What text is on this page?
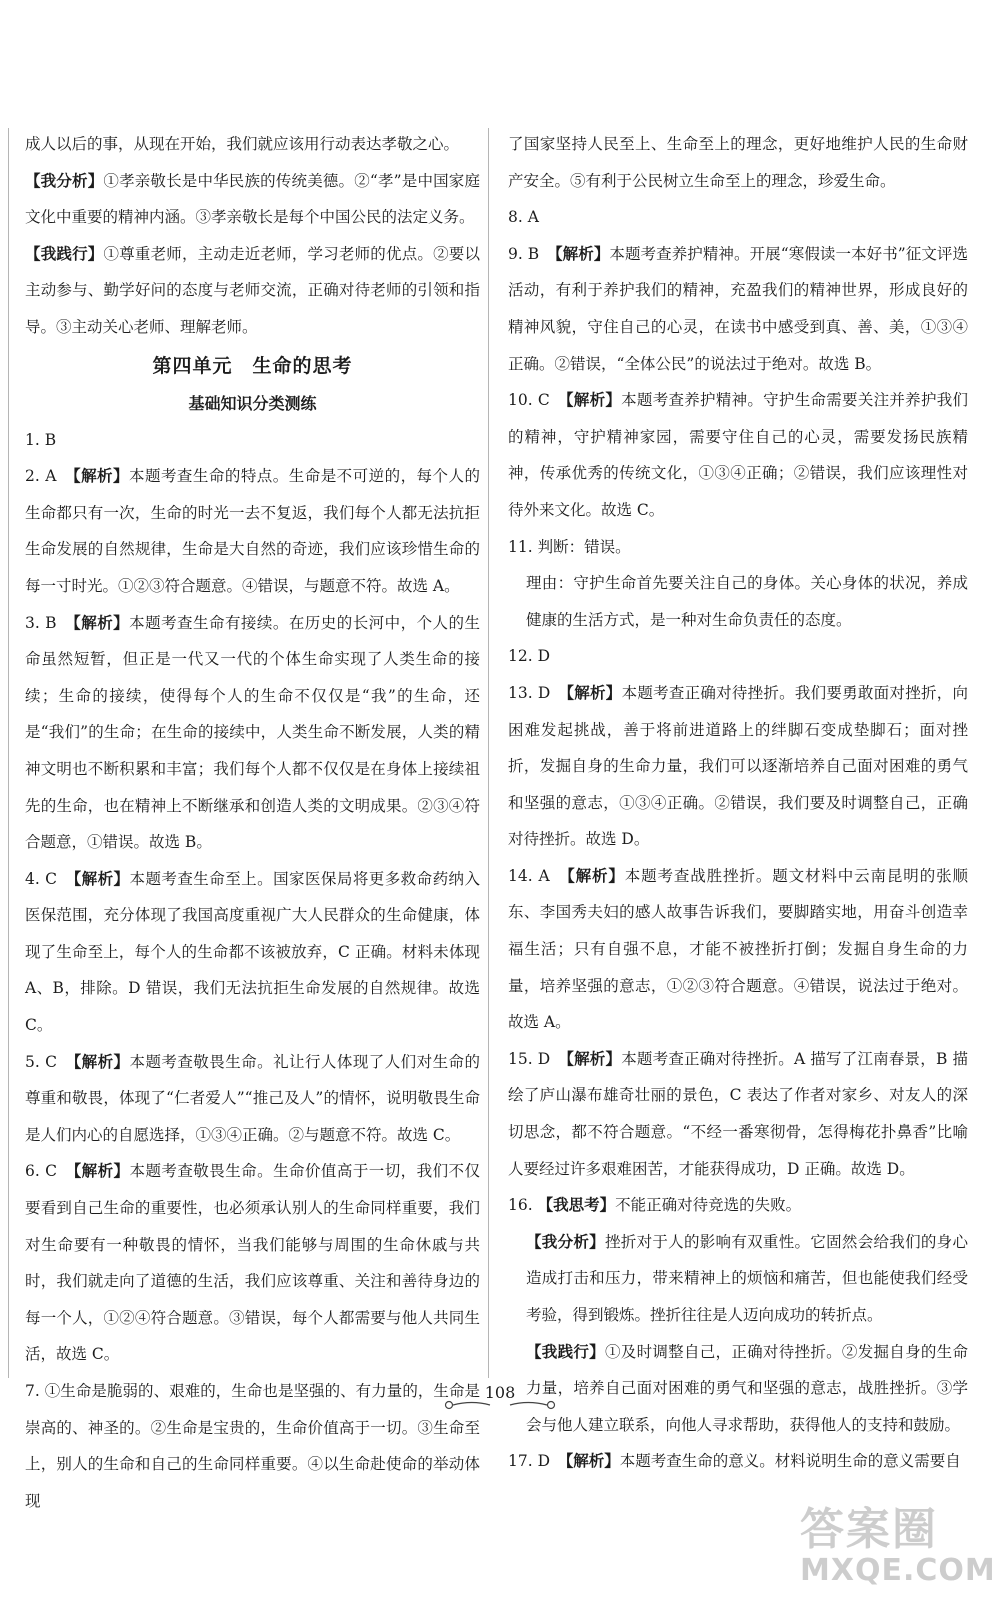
成人以后的事，从现在开始，我们就应该用行动表达孝敬之心。

【我分析】①孝亲敬长是中华民族的传统美德。②“孝”是中国家庭文化中重要的精神内涵。③孝亲敬长是每个中国公民的法定义务。

【我践行】①尊重老师，主动走近老师，学习老师的优点。②要以主动参与、勤学好问的态度与老师交流，正确对待老师的引领和指导。③主动关心老师、理解老师。

第四单元　生命的思考

基础知识分类测练

1. B

2. A　【解析】本题考查生命的特点。生命是不可逆的，每个人的生命都只有一次，生命的时光一去不复返，我们每个人都无法抗拒生命发展的自然规律，生命是大自然的奇迹，我们应该珍惜生命的每一寸时光。①②③符合题意。④错误，与题意不符。故选 A。

3. B　【解析】本题考查生命有接续。在历史的长河中，个人的生命虽然短暂，但正是一代又一代的个体生命实现了人类生命的接续；生命的接续，使得每个人的生命不仅仅是“我”的生命，还是“我们”的生命；在生命的接续中，人类生命不断发展，人类的精神文明也不断积累和丰富；我们每个人都不仅仅是在身体上接续祖先的生命，也在精神上不断继承和创造人类的文明成果。②③④符合题意，①错误。故选 B。

4. C　【解析】本题考查生命至上。国家医保局将更多救命药纳入医保范围，充分体现了我国高度重视广大人民群众的生命健康，体现了生命至上，每个人的生命都不该被放弃，C 正确。材料未体现 A、B，排除。D 错误，我们无法抗拒生命发展的自然规律。故选 C。

5. C　【解析】本题考查敬畏生命。礼让行人体现了人们对生命的尊重和敬畏，体现了“仁者爱人”“推己及人”的情怀，说明敬畏生命是人们内心的自愿选择，①③④正确。②与题意不符。故选 C。

6. C　【解析】本题考查敬畏生命。生命价值高于一切，我们不仅要看到自己生命的重要性，也必须承认别人的生命同样重要，我们对生命要有一种敬畏的情怀，当我们能够与周围的生命休戚与共时，我们就走向了道德的生活，我们应该尊重、关注和善待身边的每一个人，①②④符合题意。③错误，每个人都需要与他人共同生活，故选 C。

7. ①生命是脆弱的、艰难的，生命也是坚强的、有力量的，生命是崇高的、神圣的。②生命是宝贵的，生命价值高于一切。③生命至上，别人的生命和自己的生命同样重要。④以生命赴使命的举动体现

了国家坚持人民至上、生命至上的理念，更好地维护人民的生命财产安全。⑤有利于公民树立生命至上的理念，珍爱生命。

8. A

9. B　【解析】本题考查养护精神。开展“寒假读一本好书”征文评选活动，有利于养护我们的精神，充盈我们的精神世界，形成良好的精神风貌，守住自己的心灵，在读书中感受到真、善、美，①③④正确。②错误，“全体公民”的说法过于绝对。故选 B。

10. C　【解析】本题考查养护精神。守护生命需要关注并养护我们的精神，守护精神家园，需要守住自己的心灵，需要发扬民族精神，传承优秀的传统文化，①③④正确；②错误，我们应该理性对待外来文化。故选 C。

11. 判断：错误。

理由：守护生命首先要关注自己的身体。关心身体的状况，养成健康的生活方式，是一种对生命负责任的态度。

12. D

13. D　【解析】本题考查正确对待挫折。我们要勇敢面对挫折，向困难发起挑战，善于将前进道路上的绊脚石变成垫脚石；面对挫折，发掘自身的生命力量，我们可以逐渐培养自己面对困难的勇气和坚强的意志，①③④正确。②错误，我们要及时调整自己，正确对待挫折。故选 D。

14. A　【解析】本题考查战胜挫折。题文材料中云南昆明的张顺东、李国秀夫妇的感人故事告诉我们，要脚踏实地，用奋斗创造幸福生活；只有自强不息，才能不被挫折打倒；发掘自身生命的力量，培养坚强的意志，①②③符合题意。④错误，说法过于绝对。故选 A。

15. D　【解析】本题考查正确对待挫折。A 描写了江南春景，B 描绘了庐山瀑布雄奇壮丽的景色，C 表达了作者对家乡、对友人的深切思念，都不符合题意。“不经一番寒彻骨，怎得梅花扑鼻香”比喻人要经过许多艰难困苦，才能获得成功，D 正确。故选 D。

16. 【我思考】不能正确对待竞选的失败。

【我分析】挫折对于人的影响有双重性。它固然会给我们的身心造成打击和压力，带来精神上的烦恼和痛苦，但也能使我们经受考验，得到锻炼。挫折往往是人迈向成功的转折点。

【我践行】①及时调整自己，正确对待挫折。②发掘自身的生命力量，培养自己面对困难的勇气和坚强的意志，战胜挫折。③学会与他人建立联系，向他人寻求帮助，获得他人的支持和鼓励。

17. D　【解析】本题考查生命的意义。材料说明生命的意义需要自

108
答案圈
MXQE.COM
